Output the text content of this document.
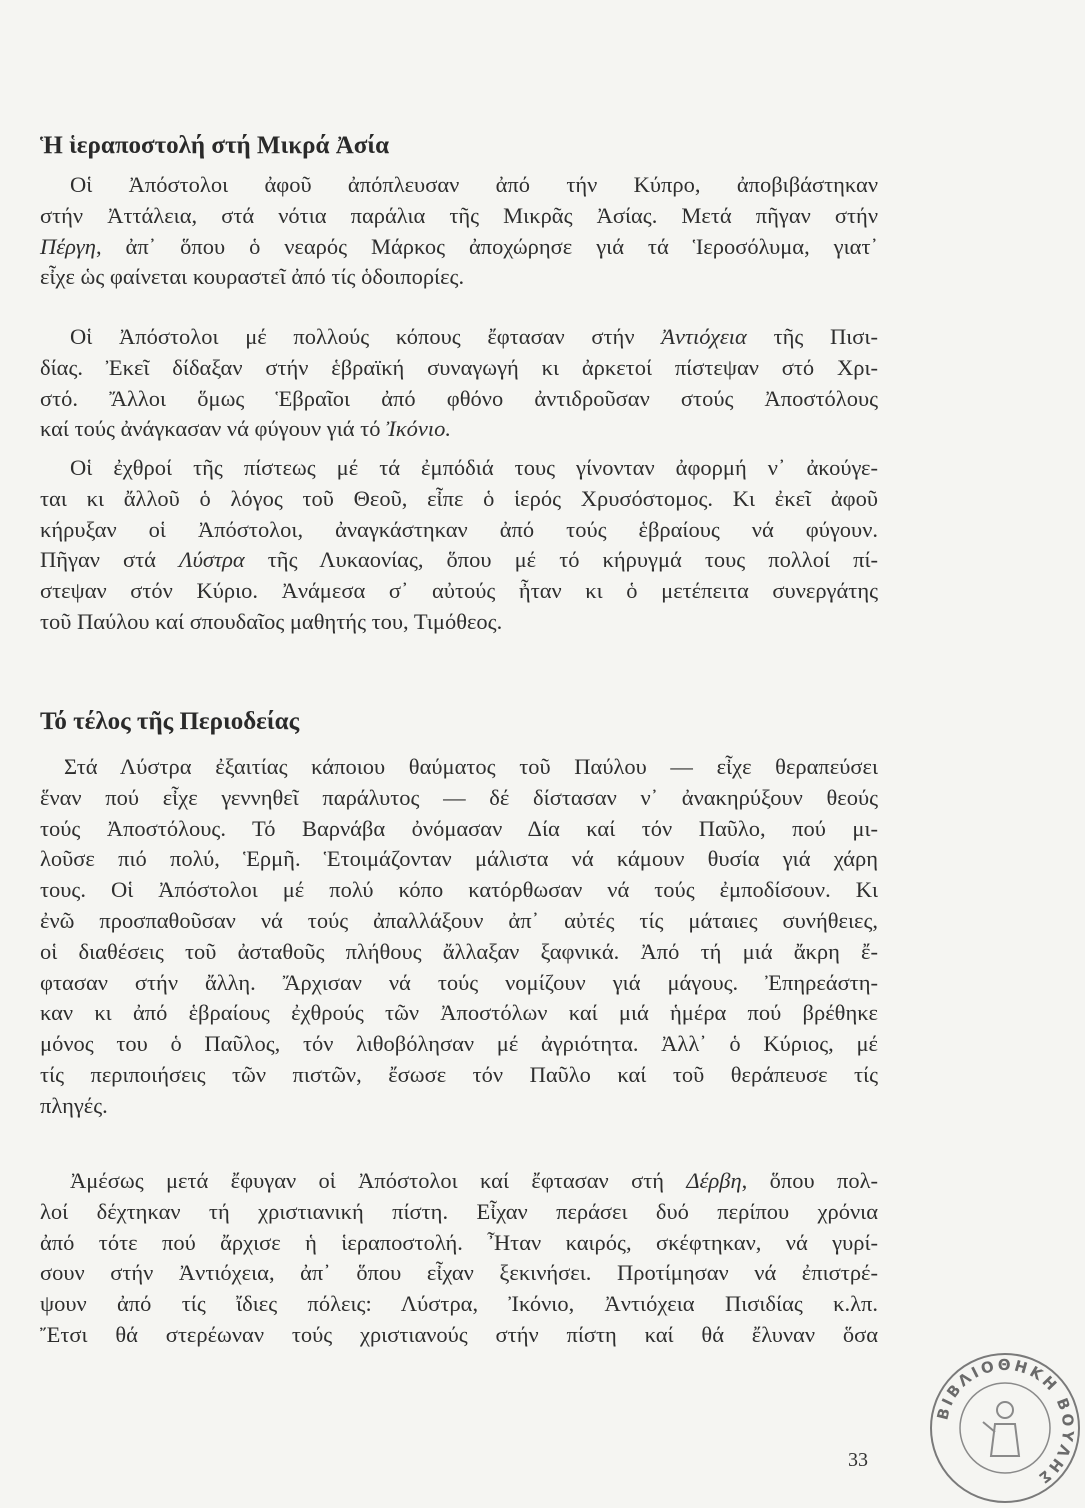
Ἡ ἱεραποστολή στή Μικρά Ἀσία

Οἱ Ἀπόστολοι ἀφοῦ ἀπόπλευσαν ἀπό τήν Κύπρο, ἀποβιβάστηκαν
στήν Ἀττάλεια, στά νότια παράλια τῆς Μικρᾶς Ἀσίας. Μετά πῆγαν στήν
Πέργη, ἀπ᾽ ὅπου ὁ νεαρός Μάρκος ἀποχώρησε γιά τά Ἱεροσόλυμα, γιατ᾽
εἶχε ὡς φαίνεται κουραστεῖ ἀπό τίς ὁδοιπορίες.

Οἱ Ἀπόστολοι μέ πολλούς κόπους ἔφτασαν στήν Ἀντιόχεια τῆς Πισι-
δίας. Ἐκεῖ δίδαξαν στήν ἑβραϊκή συναγωγή κι ἀρκετοί πίστεψαν στό Χρι-
στό. Ἄλλοι ὅμως Ἑβραῖοι ἀπό φθόνο ἀντιδροῦσαν στούς Ἀποστόλους
καί τούς ἀνάγκασαν νά φύγουν γιά τό Ἰκόνιο.

Οἱ ἐχθροί τῆς πίστεως μέ τά ἐμπόδιά τους γίνονταν ἀφορμή ν᾽ ἀκούγε-
ται κι ἄλλοῦ ὁ λόγος τοῦ Θεοῦ, εἶπε ὁ ἱερός Χρυσόστομος. Κι ἐκεῖ ἀφοῦ
κήρυξαν οἱ Ἀπόστολοι, ἀναγκάστηκαν ἀπό τούς ἑβραίους νά φύγουν.
Πῆγαν στά Λύστρα τῆς Λυκαονίας, ὅπου μέ τό κήρυγμά τους πολλοί πί-
στεψαν στόν Κύριο. Ἀνάμεσα σ᾽ αὐτούς ἦταν κι ὁ μετέπειτα συνεργάτης
τοῦ Παύλου καί σπουδαῖος μαθητής του, Τιμόθεος.

Τό τέλος τῆς Περιοδείας

Στά Λύστρα ἐξαιτίας κάποιου θαύματος τοῦ Παύλου — εἶχε θεραπεύσει
ἕναν πού εἶχε γεννηθεῖ παράλυτος — δέ δίστασαν ν᾽ ἀνακηρύξουν θεούς
τούς Ἀποστόλους. Τό Βαρνάβα ὀνόμασαν Δία καί τόν Παῦλο, πού μι-
λοῦσε πιό πολύ, Ἑρμῆ. Ἑτοιμάζονταν μάλιστα νά κάμουν θυσία γιά χάρη
τους. Οἱ Ἀπόστολοι μέ πολύ κόπο κατόρθωσαν νά τούς ἐμποδίσουν. Κι
ἐνῶ προσπαθοῦσαν νά τούς ἀπαλλάξουν ἀπ᾽ αὐτές τίς μάταιες συνήθειες,
οἱ διαθέσεις τοῦ ἀσταθοῦς πλήθους ἄλλαξαν ξαφνικά. Ἀπό τή μιά ἄκρη ἔ-
φτασαν στήν ἄλλη. Ἄρχισαν νά τούς νομίζουν γιά μάγους. Ἐπηρεάστη-
καν κι ἀπό ἑβραίους ἐχθρούς τῶν Ἀποστόλων καί μιά ἡμέρα πού βρέθηκε
μόνος του ὁ Παῦλος, τόν λιθοβόλησαν μέ ἀγριότητα. Ἀλλ᾽ ὁ Κύριος, μέ
τίς περιποιήσεις τῶν πιστῶν, ἔσωσε τόν Παῦλο καί τοῦ θεράπευσε τίς
πληγές.

Ἀμέσως μετά ἔφυγαν οἱ Ἀπόστολοι καί ἔφτασαν στή Δέρβη, ὅπου πολ-
λοί δέχτηκαν τή χριστιανική πίστη. Εἶχαν περάσει δυό περίπου χρόνια
ἀπό τότε πού ἄρχισε ἡ ἱεραποστολή. Ἦταν καιρός, σκέφτηκαν, νά γυρί-
σουν στήν Ἀντιόχεια, ἀπ᾽ ὅπου εἶχαν ξεκινήσει. Προτίμησαν νά ἐπιστρέ-
ψουν ἀπό τίς ἴδιες πόλεις: Λύστρα, Ἰκόνιο, Ἀντιόχεια Πισιδίας κ.λπ.
Ἔτσι θά στερέωναν τούς χριστιανούς στήν πίστη καί θά ἔλυναν ὅσα

33
ΒΙΒΛΙΟΘΗΚΗ ΒΟΥΛΗΣ
